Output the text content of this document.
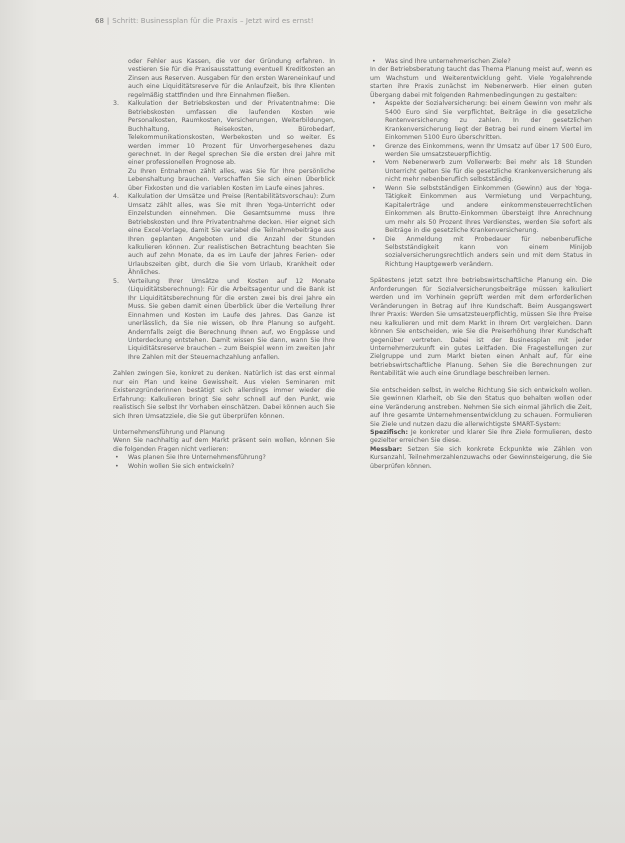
68 | Schritt: Businessplan für die Praxis – Jetzt wird es ernst!

oder Fehler aus Kassen, die vor der Gründung erfahren. In vestieren Sie für die Praxisausstattung eventuell Kreditkosten an Zinsen aus Reserven. Ausgaben für den ersten Wareneinkauf und auch eine Liquiditätsreserve für die Anlaufzeit, bis Ihre Klienten regelmäßig stattfinden und Ihre Einnahmen fließen.

3. Kalkulation der Betriebskosten und der Privatentnahme: Die Betriebskosten umfassen die laufenden Kosten wie Personalkosten, Raumkosten, Versicherungen, Weiterbildungen, Buchhaltung, Reisekosten, Bürobedarf, Telekommunikationskosten, Werbekosten und so weiter. Es werden immer 10 Prozent für Unvorhergesehenes dazu gerechnet. In der Regel sprechen Sie die ersten drei Jahre mit einer professionellen Prognose ab.

Zu Ihren Entnahmen zählt alles, was Sie für Ihre persönliche Lebenshaltung brauchen. Verschaffen Sie sich einen Überblick über Fixkosten und die variablen Kosten im Laufe eines Jahres.

4. Kalkulation der Umsätze und Preise (Rentabilitätsvorschau): Zum Umsatz zählt alles, was Sie mit Ihren Yoga-Unterricht oder Einzelstunden einnehmen. Die Gesamtsumme muss Ihre Betriebskosten und Ihre Privatentnahme decken. Hier eignet sich eine Excel-Vorlage, damit Sie variabel die Teilnahmebeiträge aus Ihren geplanten Angeboten und die Anzahl der Stunden kalkulieren können. Zur realistischen Betrachtung beachten Sie auch auf zehn Monate, da es im Laufe der Jahres Ferien- oder Urlaubszeiten gibt, durch die Sie vom Urlaub, Krankheit oder Ähnliches.

5. Verteilung Ihrer Umsätze und Kosten auf 12 Monate (Liquiditätsberechnung): Für die Arbeitsagentur und die Bank ist Ihr Liquiditätsberechnung für die ersten zwei bis drei Jahre ein Muss. Sie geben damit einen Überblick über die Verteilung Ihrer Einnahmen und Kosten im Laufe des Jahres. Das Ganze ist unerlässlich, da Sie nie wissen, ob Ihre Planung so aufgeht. Andernfalls zeigt die Berechnung Ihnen auf, wo Engpässe und Unterdeckung entstehen. Damit wissen Sie dann, wann Sie Ihre Liquiditätsreserve brauchen – zum Beispiel wenn im zweiten Jahr Ihre Zahlen mit der Steuernachzahlung anfallen.

Zahlen zwingen Sie, konkret zu denken. Natürlich ist das erst einmal nur ein Plan und keine Gewissheit. Aus vielen Seminaren mit Existenzgründerinnen bestätigt sich allerdings immer wieder die Erfahrung: Kalkulieren bringt Sie sehr schnell auf den Punkt, wie realistisch Sie selbst Ihr Vorhaben einschätzen. Dabei können auch Sie sich Ihren Umsatzziele, die Sie gut überprüfen können.

Unternehmensführung und Planung

Wenn Sie nachhaltig auf dem Markt präsent sein wollen, können Sie die folgenden Fragen nicht verlieren:

• Was planen Sie Ihre Unternehmensführung?
• Wohin wollen Sie sich entwickeln?
• Was sind Ihre unternehmerischen Ziele?

In der Betriebsberatung taucht das Thema Planung meist auf, wenn es um Wachstum und Weiterentwicklung geht. Viele Yogalehrende starten ihre Praxis zunächst im Nebenerwerb. Hier einen guten Übergang dabei mit folgenden Rahmenbedingungen zu gestalten:

• Aspekte der Sozialversicherung: bei einem Gewinn von mehr als 5400 Euro sind Sie verpflichtet, Beiträge in die gesetzliche Rentenversicherung zu zahlen. In der gesetzlichen Krankenversicherung liegt der Betrag bei rund einem Viertel im Einkommen 5100 Euro überschritten.
• Grenze des Einkommens, wenn Ihr Umsatz auf über 17 500 Euro, werden Sie umsatzsteuerpflichtig.
• Vom Nebenerwerb zum Vollerwerb: Bei mehr als 18 Stunden Unterricht gelten Sie für die gesetzliche Krankenversicherung als nicht mehr nebenberuflich selbstständig.
• Wenn Sie selbstständigen Einkommen (Gewinn) aus der Yoga-Tätigkeit Einkommen aus Vermietung und Verpachtung, Kapitalerträge und andere einkommensteuerrechtlichen Einkommen als Brutto-Einkommen übersteigt Ihre Anrechnung um mehr als 50 Prozent Ihres Verdienstes, werden Sie sofort als Beiträge in die gesetzliche Krankenversicherung.
• Die Anmeldung mit Probedauer für nebenberufliche Selbstständigkeit kann von einem Minijob sozialversicherungsrechtlich anders sein und mit dem Status in Richtung Hauptgewerb verändern.

Spätestens jetzt setzt Ihre betriebswirtschaftliche Planung ein. Die Anforderungen für Sozialversicherungsbeiträge müssen kalkuliert werden und im Vorhinein geprüft werden mit dem erforderlichen Veränderungen in Betrag auf Ihre Kundschaft. Beim Ausgangswert Ihrer Praxis: Werden Sie umsatzsteuerpflichtig, müssen Sie Ihre Preise neu kalkulieren und mit dem Markt in Ihrem Ort vergleichen. Dann können Sie entscheiden, wie Sie die Preiserhöhung Ihrer Kundschaft gegenüber vertreten. Dabei ist der Businessplan mit jeder Unternehmerzukunft ein gutes Leitfaden. Die Fragestellungen zur Zielgruppe und zum Markt bieten einen Anhalt auf, für eine betriebswirtschaftliche Planung. Sehen Sie die Berechnungen zur Rentabilität wie auch eine Grundlage beschreiben lernen.

Sie entscheiden selbst, in welche Richtung Sie sich entwickeln wollen. Sie gewinnen Klarheit, ob Sie den Status quo behalten wollen oder eine Veränderung anstreben. Nehmen Sie sich einmal jährlich die Zeit, auf Ihre gesamte Unternehmensentwicklung zu schauen. Formulieren Sie Ziele und nutzen dazu die allerwichtigste SMART-System:

Spezifisch: Je konkreter und klarer Sie Ihre Ziele formulieren, desto gezielter erreichen Sie diese.

Messbar: Setzen Sie sich konkrete Eckpunkte wie Zählen von Kursanzahl, Teilnehmerzahlenzuwachs oder Gewinnsteigerung, die Sie überprüfen können.
